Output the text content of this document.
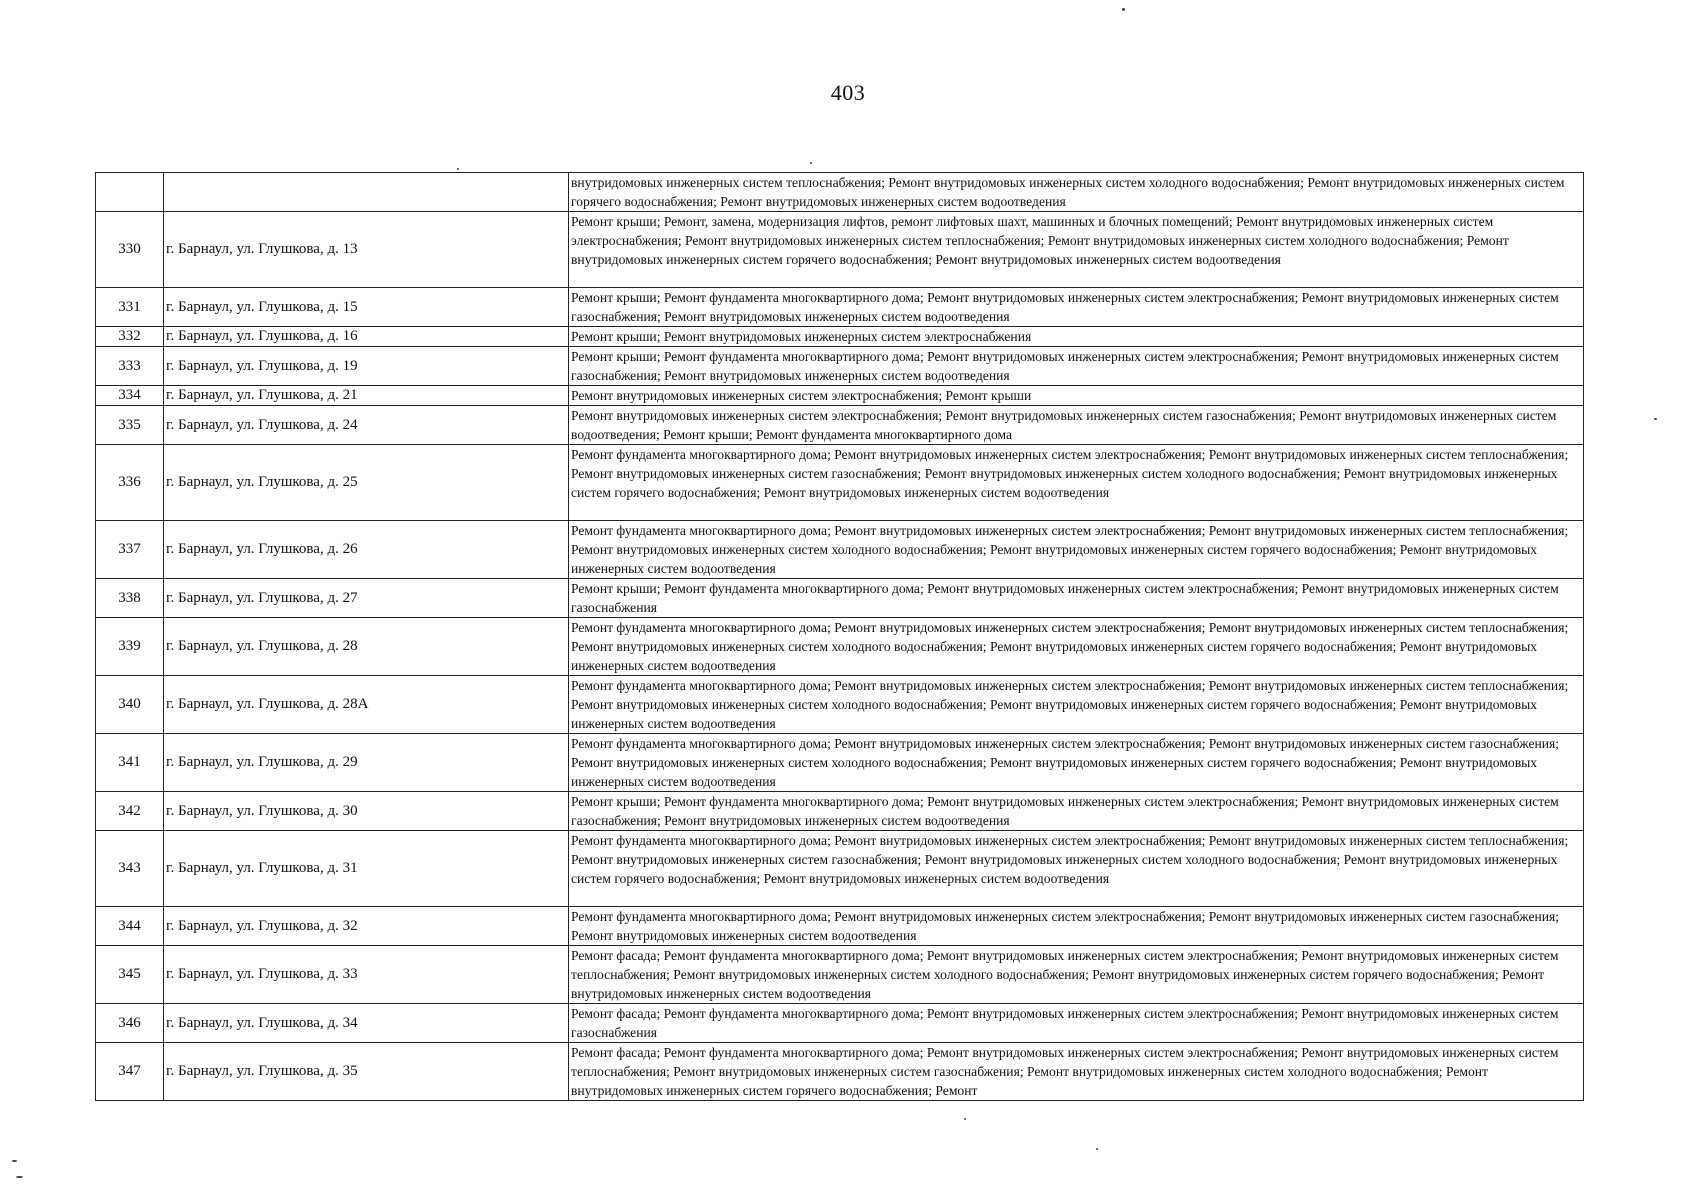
403
		внутридомовых инженерных систем теплоснабжения; Ремонт внутридомовых инженерных систем холодного водоснабжения; Ремонт внутридомовых инженерных систем горячего водоснабжения; Ремонт внутридомовых инженерных систем водоотведения
330	г. Барнаул, ул. Глушкова, д. 13	Ремонт крыши; Ремонт, замена, модернизация лифтов, ремонт лифтовых шахт, машинных и блочных помещений; Ремонт внутридомовых инженерных систем электроснабжения; Ремонт внутридомовых инженерных систем теплоснабжения; Ремонт внутридомовых инженерных систем холодного водоснабжения; Ремонт внутридомовых инженерных систем горячего водоснабжения; Ремонт внутридомовых инженерных систем водоотведения
331	г. Барнаул, ул. Глушкова, д. 15	Ремонт крыши; Ремонт фундамента многоквартирного дома; Ремонт внутридомовых инженерных систем электроснабжения; Ремонт внутридомовых инженерных систем газоснабжения; Ремонт внутридомовых инженерных систем водоотведения
332	г. Барнаул, ул. Глушкова, д. 16	Ремонт крыши; Ремонт внутридомовых инженерных систем электроснабжения
333	г. Барнаул, ул. Глушкова, д. 19	Ремонт крыши; Ремонт фундамента многоквартирного дома; Ремонт внутридомовых инженерных систем электроснабжения; Ремонт внутридомовых инженерных систем газоснабжения; Ремонт внутридомовых инженерных систем водоотведения
334	г. Барнаул, ул. Глушкова, д. 21	Ремонт внутридомовых инженерных систем электроснабжения; Ремонт крыши
335	г. Барнаул, ул. Глушкова, д. 24	Ремонт внутридомовых инженерных систем электроснабжения; Ремонт внутридомовых инженерных систем газоснабжения; Ремонт внутридомовых инженерных систем водоотведения; Ремонт крыши; Ремонт фундамента многоквартирного дома
336	г. Барнаул, ул. Глушкова, д. 25	Ремонт фундамента многоквартирного дома; Ремонт внутридомовых инженерных систем электроснабжения; Ремонт внутридомовых инженерных систем теплоснабжения; Ремонт внутридомовых инженерных систем газоснабжения; Ремонт внутридомовых инженерных систем холодного водоснабжения; Ремонт внутридомовых инженерных систем горячего водоснабжения; Ремонт внутридомовых инженерных систем водоотведения
337	г. Барнаул, ул. Глушкова, д. 26	Ремонт фундамента многоквартирного дома; Ремонт внутридомовых инженерных систем электроснабжения; Ремонт внутридомовых инженерных систем теплоснабжения; Ремонт внутридомовых инженерных систем холодного водоснабжения; Ремонт внутридомовых инженерных систем горячего водоснабжения; Ремонт внутридомовых инженерных систем водоотведения
338	г. Барнаул, ул. Глушкова, д. 27	Ремонт крыши; Ремонт фундамента многоквартирного дома; Ремонт внутридомовых инженерных систем электроснабжения; Ремонт внутридомовых инженерных систем газоснабжения
339	г. Барнаул, ул. Глушкова, д. 28	Ремонт фундамента многоквартирного дома; Ремонт внутридомовых инженерных систем электроснабжения; Ремонт внутридомовых инженерных систем теплоснабжения; Ремонт внутридомовых инженерных систем холодного водоснабжения; Ремонт внутридомовых инженерных систем горячего водоснабжения; Ремонт внутридомовых инженерных систем водоотведения
340	г. Барнаул, ул. Глушкова, д. 28А	Ремонт фундамента многоквартирного дома; Ремонт внутридомовых инженерных систем электроснабжения; Ремонт внутридомовых инженерных систем теплоснабжения; Ремонт внутридомовых инженерных систем холодного водоснабжения; Ремонт внутридомовых инженерных систем горячего водоснабжения; Ремонт внутридомовых инженерных систем водоотведения
341	г. Барнаул, ул. Глушкова, д. 29	Ремонт фундамента многоквартирного дома; Ремонт внутридомовых инженерных систем электроснабжения; Ремонт внутридомовых инженерных систем газоснабжения; Ремонт внутридомовых инженерных систем холодного водоснабжения; Ремонт внутридомовых инженерных систем горячего водоснабжения; Ремонт внутридомовых инженерных систем водоотведения
342	г. Барнаул, ул. Глушкова, д. 30	Ремонт крыши; Ремонт фундамента многоквартирного дома; Ремонт внутридомовых инженерных систем электроснабжения; Ремонт внутридомовых инженерных систем газоснабжения; Ремонт внутридомовых инженерных систем водоотведения
343	г. Барнаул, ул. Глушкова, д. 31	Ремонт фундамента многоквартирного дома; Ремонт внутридомовых инженерных систем электроснабжения; Ремонт внутридомовых инженерных систем теплоснабжения; Ремонт внутридомовых инженерных систем газоснабжения; Ремонт внутридомовых инженерных систем холодного водоснабжения; Ремонт внутридомовых инженерных систем горячего водоснабжения; Ремонт внутридомовых инженерных систем водоотведения
344	г. Барнаул, ул. Глушкова, д. 32	Ремонт фундамента многоквартирного дома; Ремонт внутридомовых инженерных систем электроснабжения; Ремонт внутридомовых инженерных систем газоснабжения; Ремонт внутридомовых инженерных систем водоотведения
345	г. Барнаул, ул. Глушкова, д. 33	Ремонт фасада; Ремонт фундамента многоквартирного дома; Ремонт внутридомовых инженерных систем электроснабжения; Ремонт внутридомовых инженерных систем теплоснабжения; Ремонт внутридомовых инженерных систем холодного водоснабжения; Ремонт внутридомовых инженерных систем горячего водоснабжения; Ремонт внутридомовых инженерных систем водоотведения
346	г. Барнаул, ул. Глушкова, д. 34	Ремонт фасада; Ремонт фундамента многоквартирного дома; Ремонт внутридомовых инженерных систем электроснабжения; Ремонт внутридомовых инженерных систем газоснабжения
347	г. Барнаул, ул. Глушкова, д. 35	Ремонт фасада; Ремонт фундамента многоквартирного дома; Ремонт внутридомовых инженерных систем электроснабжения; Ремонт внутридомовых инженерных систем теплоснабжения; Ремонт внутридомовых инженерных систем газоснабжения; Ремонт внутридомовых инженерных систем холодного водоснабжения; Ремонт внутридомовых инженерных систем горячего водоснабжения; Ремонт
